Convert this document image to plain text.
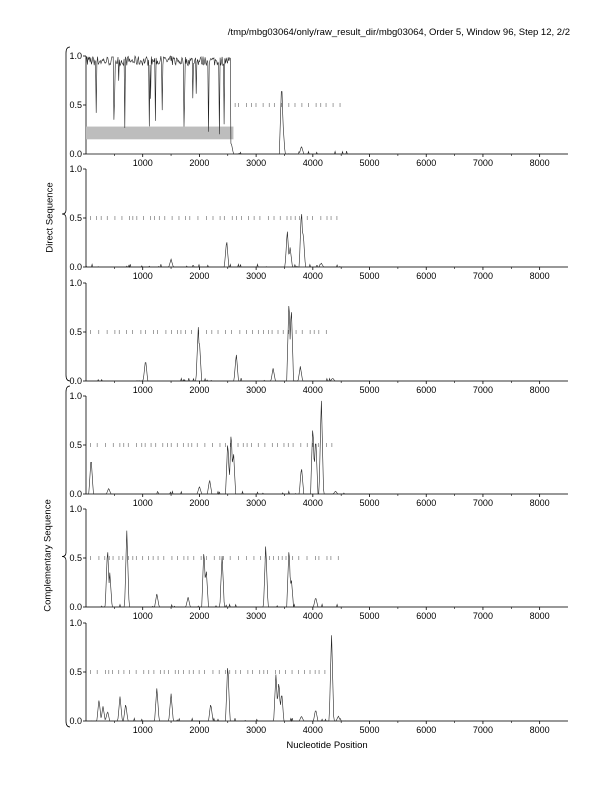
/tmp/mbg03064/only/raw_result_dir/mbg03064, Order 5, Window 96, Step 12, 2/2
Direct Sequence
Complementary Sequence
Nucleotide Position
0.0
0.5
1.0
1000	2000	3000	4000	5000	6000	7000	8000
0.0
0.5
1.0
1000	2000	3000	4000	5000	6000	7000	8000
0.0
0.5
1.0
1000	2000	3000	4000	5000	6000	7000	8000
0.0
0.5
1.0
1000	2000	3000	4000	5000	6000	7000	8000
0.0
0.5
1.0
1000	2000	3000	4000	5000	6000	7000	8000
0.0
0.5
1.0
1000	2000	3000	4000	5000	6000	7000	8000
